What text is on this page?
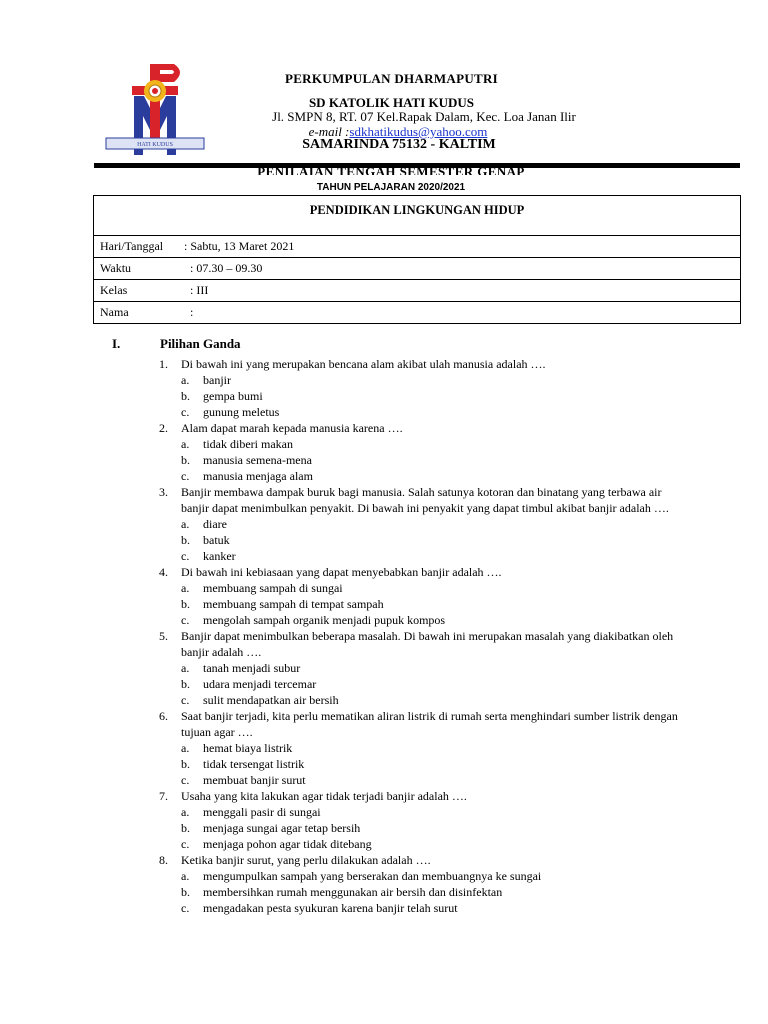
HATI KUDUS
PERKUMPULAN DHARMAPUTRI
SD KATOLIK HATI KUDUS
Jl. SMPN 8, RT. 07 Kel.Rapak Dalam, Kec. Loa Janan Ilir
e-mail :sdkhatikudus@yahoo.com
SAMARINDA 75132 - KALTIM
PENILAIAN TENGAH SEMESTER GENAP
TAHUN PELAJARAN 2020/2021
PENDIDIKAN LINGKUNGAN HIDUP
Hari/Tanggal : Sabtu, 13 Maret 2021
Waktu	: 07.30 – 09.30
Kelas	: III
Nama	:
I.	Pilihan Ganda
1. Di bawah ini yang merupakan bencana alam akibat ulah manusia adalah ….
a. banjir
b. gempa bumi
c. gunung meletus
2. Alam dapat marah kepada manusia karena ….
a. tidak diberi makan
b. manusia semena-mena
c. manusia menjaga alam
3. Banjir membawa dampak buruk bagi manusia. Salah satunya kotoran dan binatang yang terbawa air banjir dapat menimbulkan penyakit. Di bawah ini penyakit yang dapat timbul akibat banjir adalah ….
a. diare
b. batuk
c. kanker
4. Di bawah ini kebiasaan yang dapat menyebabkan banjir adalah ….
a. membuang sampah di sungai
b. membuang sampah di tempat sampah
c. mengolah sampah organik menjadi pupuk kompos
5. Banjir dapat menimbulkan beberapa masalah. Di bawah ini merupakan masalah yang diakibatkan oleh banjir adalah ….
a. tanah menjadi subur
b. udara menjadi tercemar
c. sulit mendapatkan air bersih
6. Saat banjir terjadi, kita perlu mematikan aliran listrik di rumah serta menghindari sumber listrik dengan tujuan agar ….
a. hemat biaya listrik
b. tidak tersengat listrik
c. membuat banjir surut
7. Usaha yang kita lakukan agar tidak terjadi banjir adalah ….
a. menggali pasir di sungai
b. menjaga sungai agar tetap bersih
c. menjaga pohon agar tidak ditebang
8. Ketika banjir surut, yang perlu dilakukan adalah ….
a. mengumpulkan sampah yang berserakan dan membuangnya ke sungai
b. membersihkan rumah menggunakan air bersih dan disinfektan
c. mengadakan pesta syukuran karena banjir telah surut
